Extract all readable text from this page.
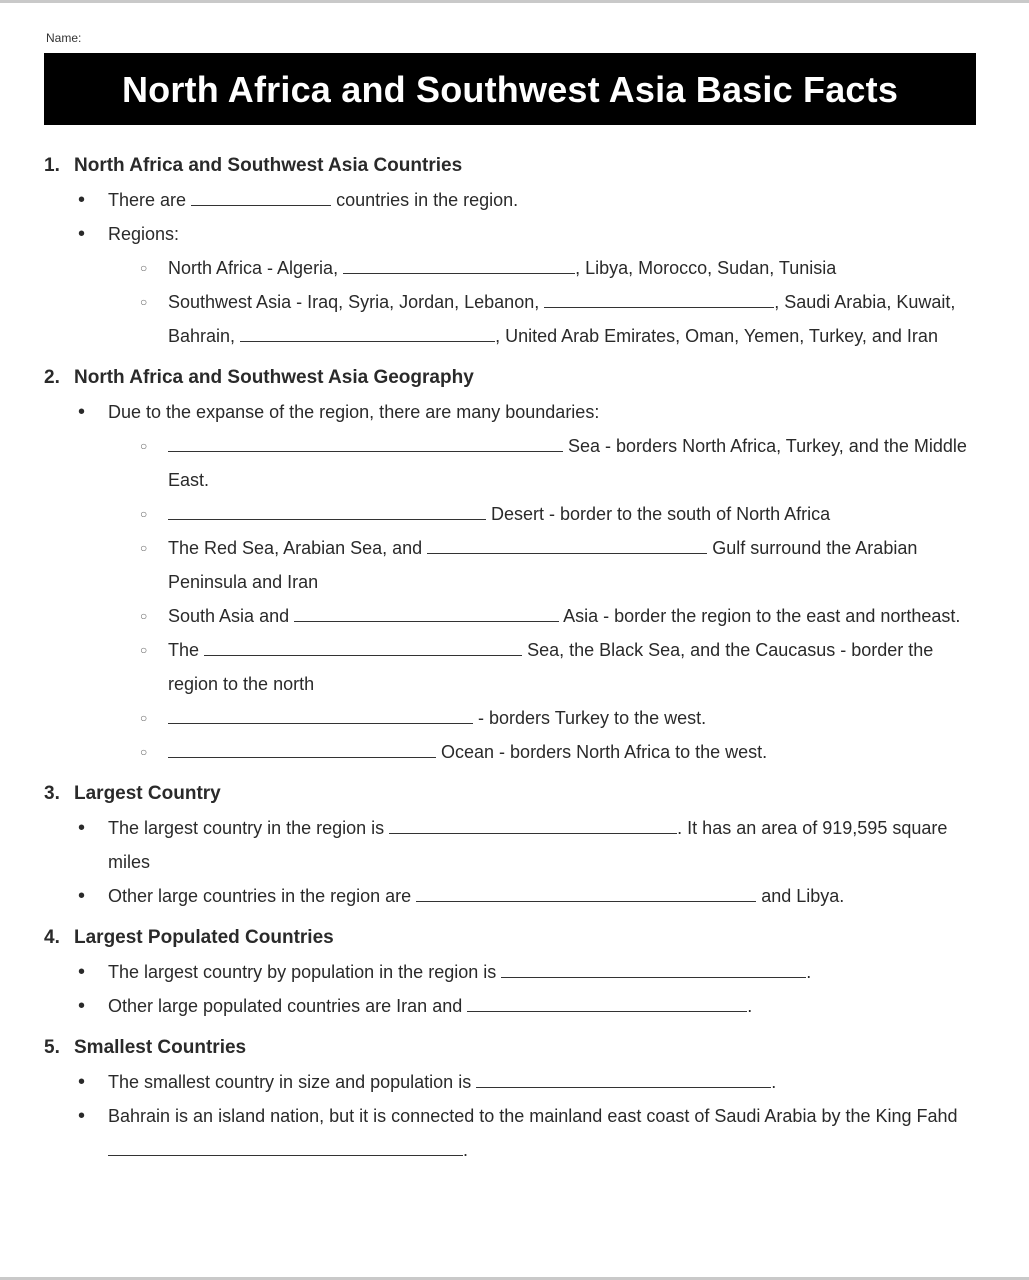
Name:
North Africa and Southwest Asia Basic Facts
1. North Africa and Southwest Asia Countries
• There are	countries in the region.
• Regions:
○ North Africa - Algeria,	, Libya, Morocco, Sudan, Tunisia
○ Southwest Asia - Iraq, Syria, Jordan, Lebanon,	, Saudi Arabia, Kuwait, Bahrain,	, United Arab Emirates, Oman, Yemen, Turkey, and Iran
2. North Africa and Southwest Asia Geography
• Due to the expanse of the region, there are many boundaries:
○ Sea - borders North Africa, Turkey, and the Middle East.
○ Desert - border to the south of North Africa
○ The Red Sea, Arabian Sea, and	Gulf surround the Arabian Peninsula and Iran
○ South Asia and	Asia - border the region to the east and northeast.
○ The	Sea, the Black Sea, and the Caucasus - border the region to the north
○ - borders Turkey to the west.
○ Ocean - borders North Africa to the west.
3. Largest Country
• The largest country in the region is	. It has an area of 919,595 square miles
• Other large countries in the region are	and Libya.
4. Largest Populated Countries
• The largest country by population in the region is	.
• Other large populated countries are Iran and	.
5. Smallest Countries
• The smallest country in size and population is	.
• Bahrain is an island nation, but it is connected to the mainland east coast of Saudi Arabia by the King Fahd .
